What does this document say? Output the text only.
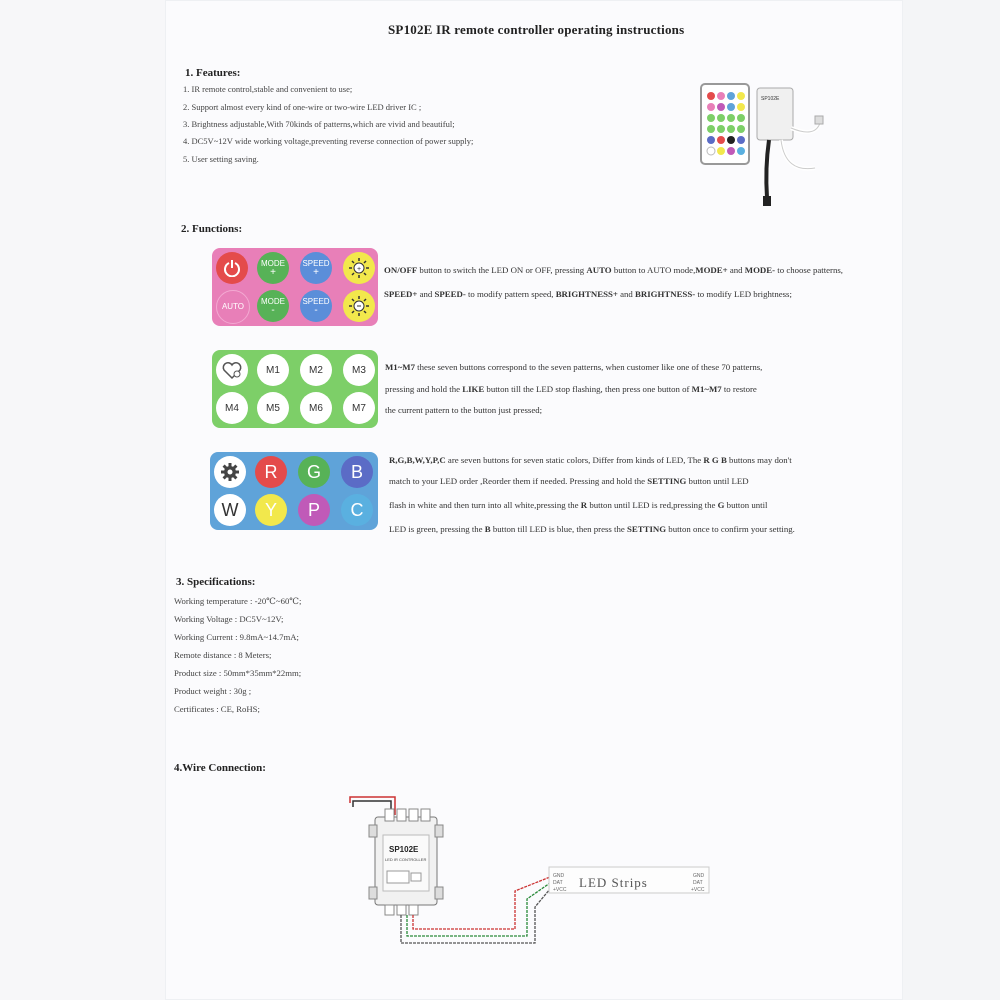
SP102E IR remote controller operating instructions
1. Features:
1. IR remote control,stable and convenient to use;
2. Support almost every kind of one-wire or two-wire LED driver IC ;
3. Brightness adjustable,With 70kinds of patterns,which are vivid and beautiful;
4. DC5V~12V wide working voltage,preventing reverse connection of power supply;
5. User setting saving.
SP102E
2. Functions:
MODE
+
SPEED
+	+
AUTO
MODE
-
SPEED
-
ON/OFF button to switch the LED ON or OFF, pressing AUTO button to AUTO mode,MODE+ and MODE- to choose patterns,
SPEED+ and SPEED- to modify pattern speed, BRIGHTNESS+ and BRIGHTNESS- to modify LED brightness;
M1	M2	M3
M4	M5	M6	M7
M1~M7 these seven buttons correspond to the seven patterns, when customer like one of these 70 patterns,
pressing and hold the LIKE button till the LED stop flashing, then press one button of M1~M7 to restore
the current pattern to the button just pressed;
R	G	B
W	Y	P	C
R,G,B,W,Y,P,C are seven buttons for seven static colors, Differ from kinds of LED, The R G B buttons may don't
match to your LED order ,Reorder them if needed. Pressing and hold the SETTING button until LED
flash in white and then turn into all white,pressing the R button until LED is red,pressing the G button until
LED is green, pressing the B button till LED is blue, then press the SETTING button once to confirm your setting.
3. Specifications:
Working temperature : -20℃~60℃;
Working Voltage : DC5V~12V;
Working Current : 9.8mA~14.7mA;
Remote distance : 8 Meters;
Product size : 50mm*35mm*22mm;
Product weight : 30g ;
Certificates : CE, RoHS;
4.Wire Connection:
SP102E
LED IR CONTROLLER
LED Strips
GND
DAT
+VCC
GND
DAT
+VCC
